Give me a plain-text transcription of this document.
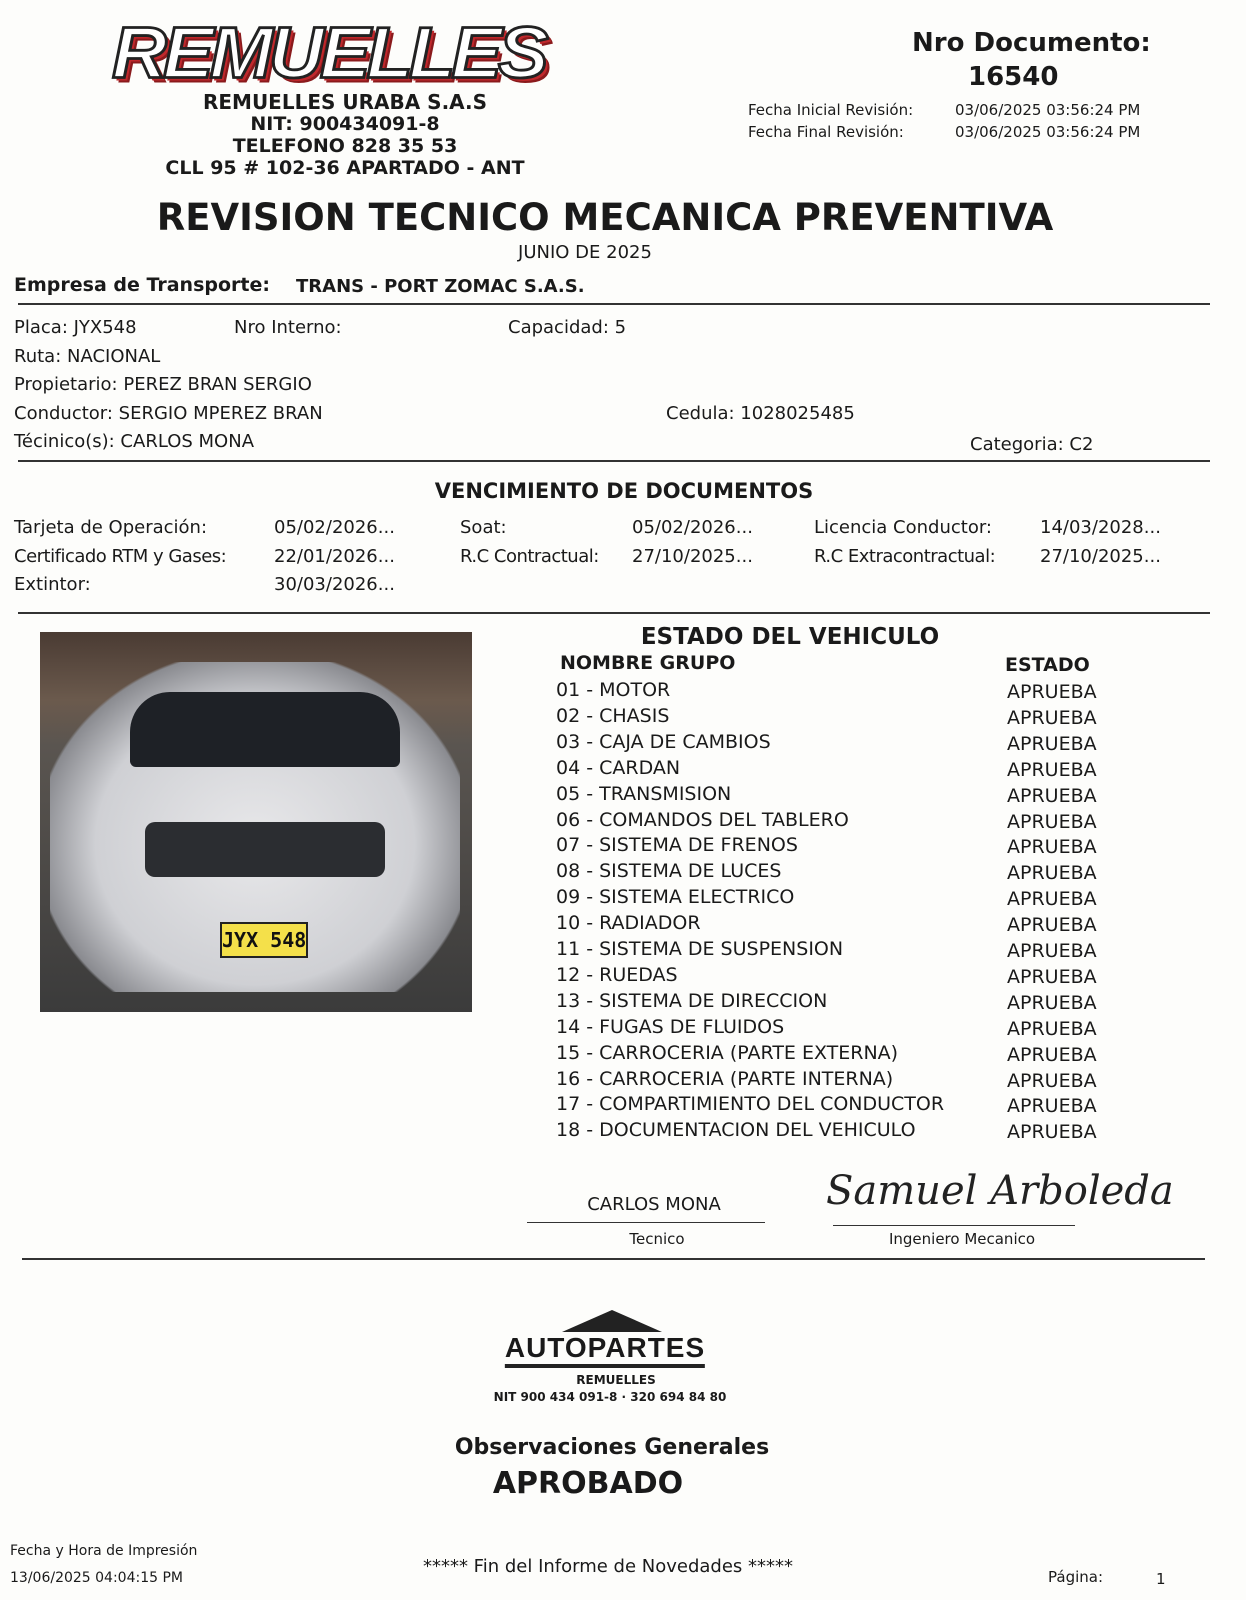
REMUELLES
REMUELLES URABA S.A.S
NIT: 900434091-8
TELEFONO 828 35 53
CLL 95 # 102-36 APARTADO - ANT
Nro Documento:
16540
Fecha Inicial Revisión:	03/06/2025 03:56:24 PM
Fecha Final Revisión:	03/06/2025 03:56:24 PM
REVISION TECNICO MECANICA PREVENTIVA
JUNIO DE 2025
Empresa de Transporte: TRANS - PORT ZOMAC S.A.S.
Placa: JYX548	Nro Interno:	Capacidad: 5
Ruta: NACIONAL
Propietario: PEREZ BRAN SERGIO
Conductor: SERGIO MPEREZ BRAN	Cedula: 1028025485
Técinico(s): CARLOS MONA	Categoria: C2
VENCIMIENTO DE DOCUMENTOS
Tarjeta de Operación:	05/02/2026...	Soat:	05/02/2026...	Licencia Conductor:	14/03/2028...
Certificado RTM y Gases:	22/01/2026...	R.C Contractual: 27/10/2025...	R.C Extracontractual: 27/10/2025...
Extintor:	30/03/2026...
JYX 548
ESTADO DEL VEHICULO
NOMBRE GRUPO	ESTADO
01 - MOTOR	APRUEBA
02 - CHASIS	APRUEBA
03 - CAJA DE CAMBIOS	APRUEBA
04 - CARDAN	APRUEBA
05 - TRANSMISION	APRUEBA
06 - COMANDOS DEL TABLERO	APRUEBA
07 - SISTEMA DE FRENOS	APRUEBA
08 - SISTEMA DE LUCES	APRUEBA
09 - SISTEMA ELECTRICO	APRUEBA
10 - RADIADOR	APRUEBA
11 - SISTEMA DE SUSPENSION	APRUEBA
12 - RUEDAS	APRUEBA
13 - SISTEMA DE DIRECCION	APRUEBA
14 - FUGAS DE FLUIDOS	APRUEBA
15 - CARROCERIA (PARTE EXTERNA)	APRUEBA
16 - CARROCERIA (PARTE INTERNA)	APRUEBA
17 - COMPARTIMIENTO DEL CONDUCTOR	APRUEBA
18 - DOCUMENTACION DEL VEHICULO	APRUEBA
CARLOS MONA
Tecnico
Samuel Arboleda
Ingeniero Mecanico
AUTOPARTES
REMUELLES
NIT 900 434 091-8 · 320 694 84 80
Observaciones Generales
APROBADO
Fecha y Hora de Impresión
13/06/2025 04:04:15 PM
***** Fin del Informe de Novedades *****	Página:	1
